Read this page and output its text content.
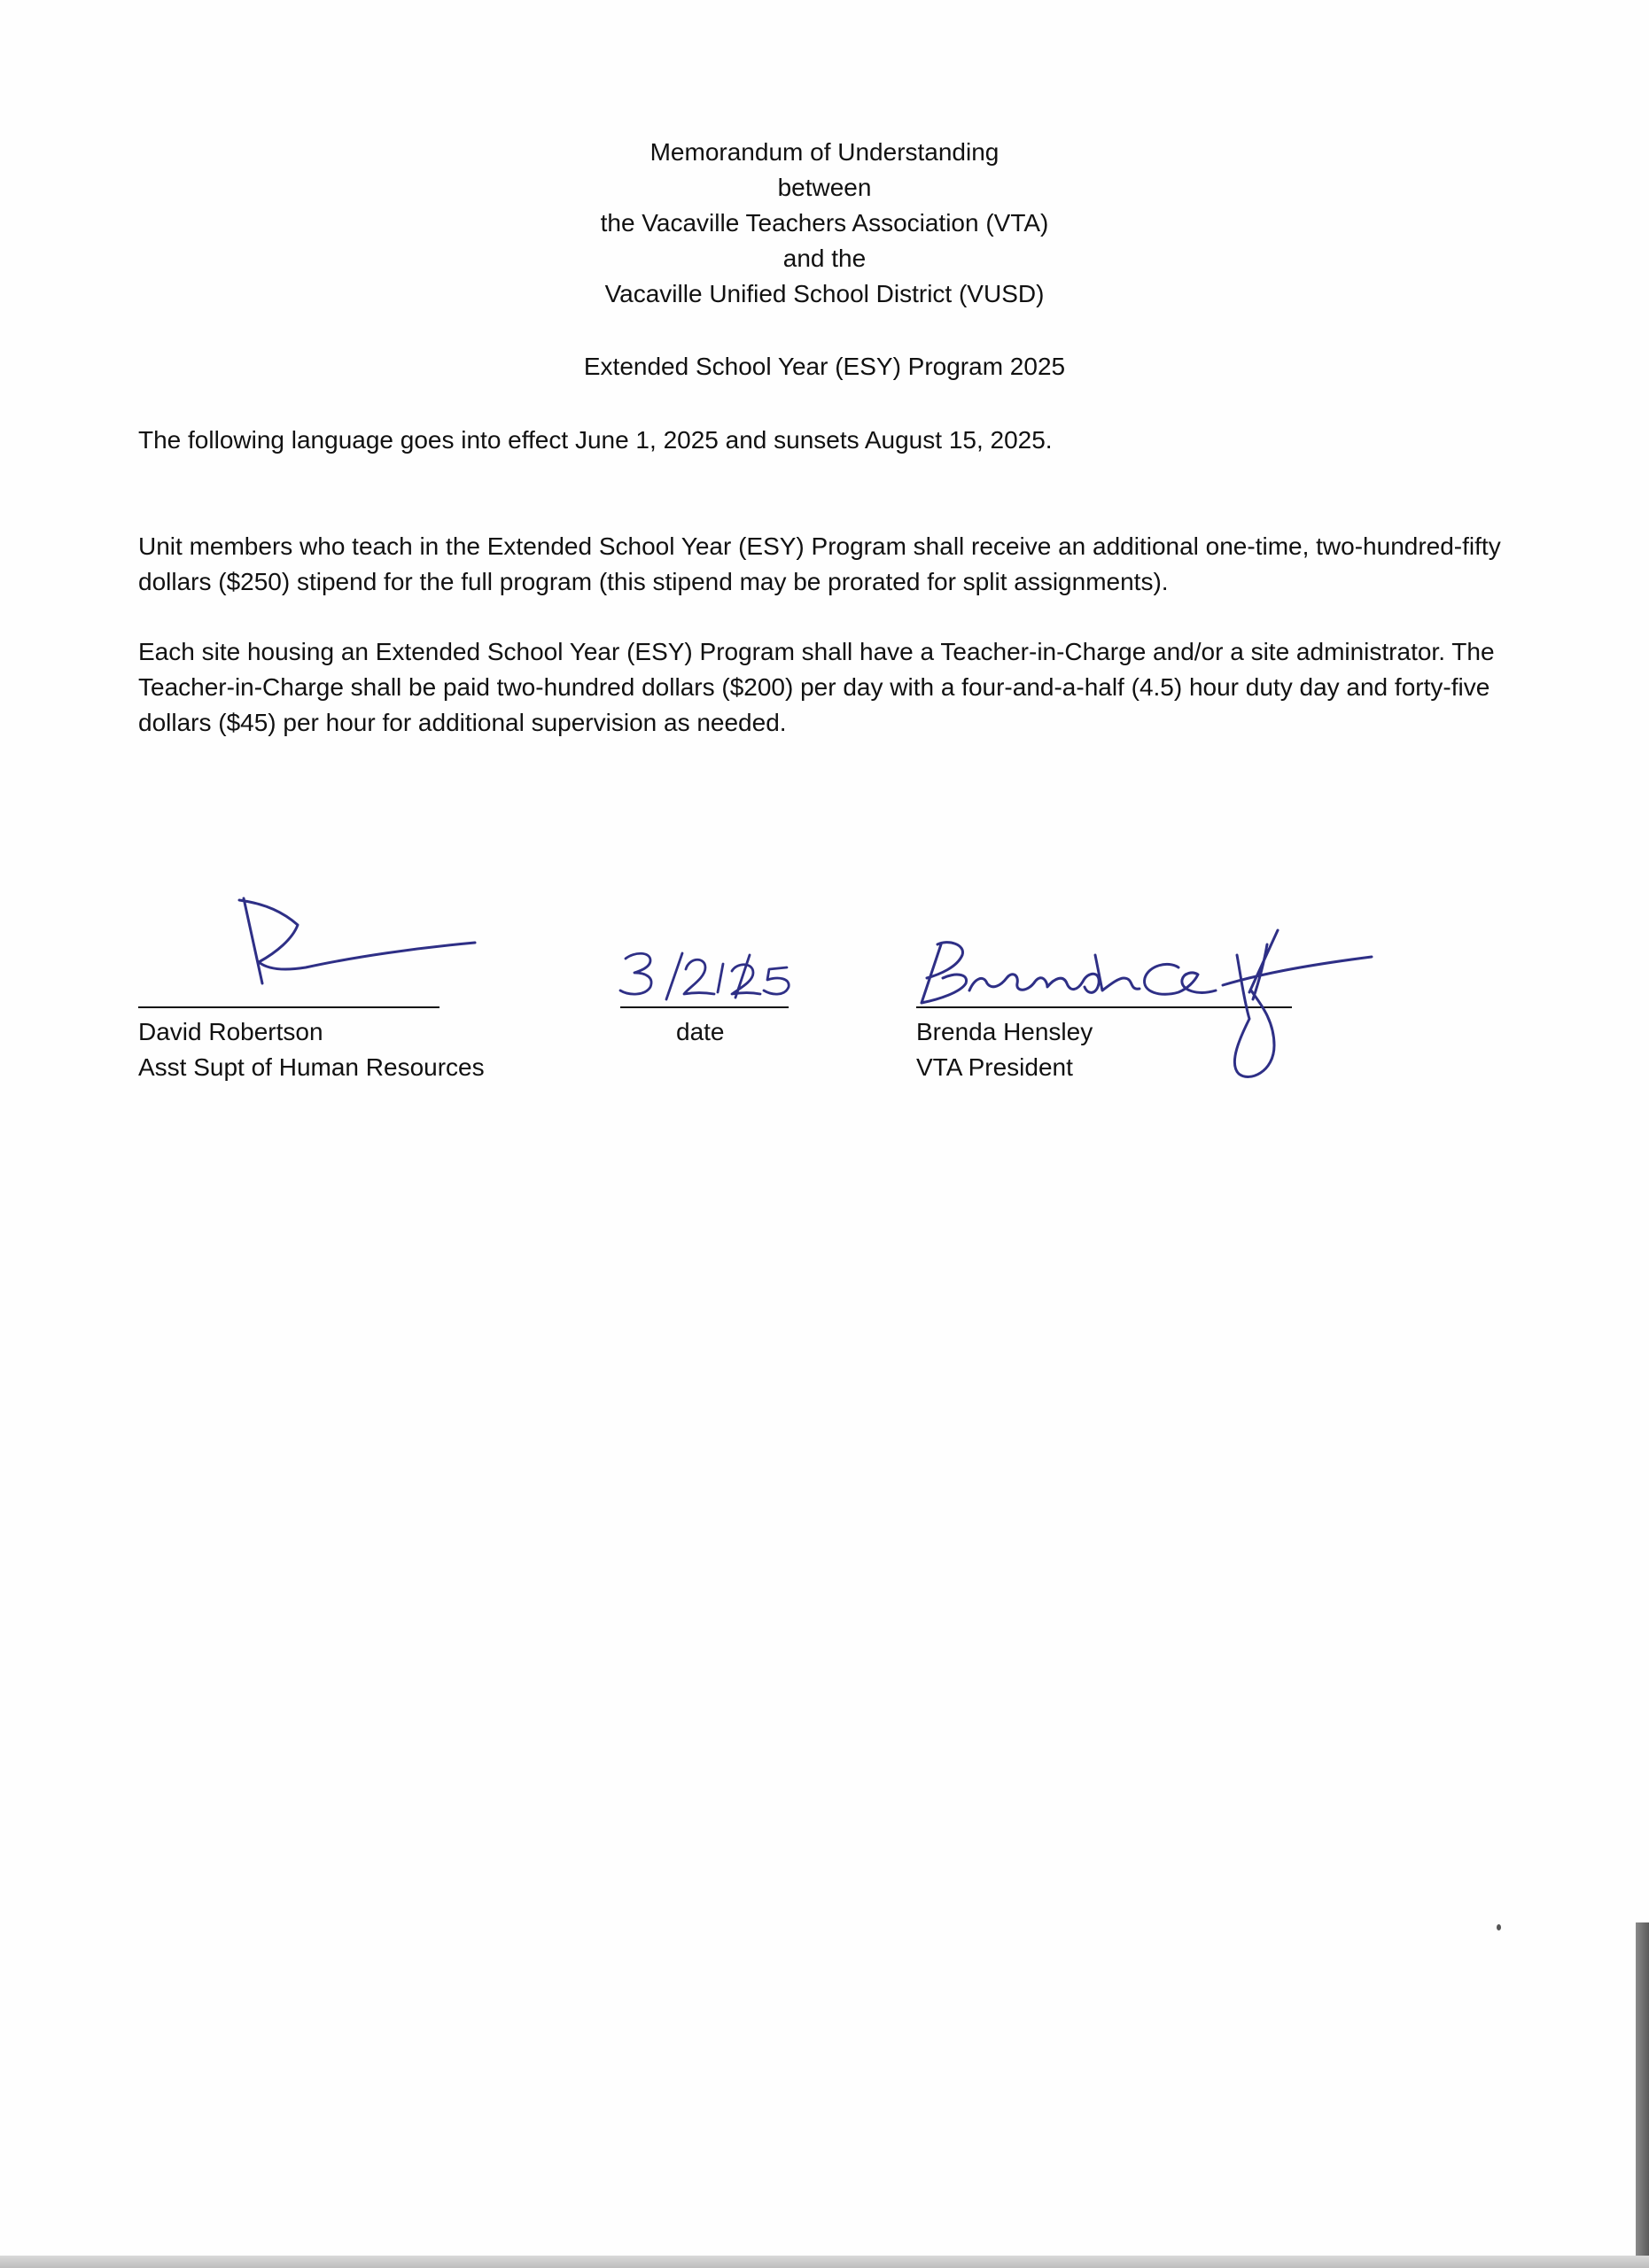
Memorandum of Understanding
between
the Vacaville Teachers Association (VTA)
and the
Vacaville Unified School District (VUSD)
Extended School Year (ESY) Program 2025
The following language goes into effect June 1, 2025 and sunsets August 15, 2025.
Unit members who teach in the Extended School Year (ESY) Program shall receive an additional one-time, two-hundred-fifty dollars ($250) stipend for the full program (this stipend may be prorated for split assignments).
Each site housing an Extended School Year (ESY) Program shall have a Teacher-in-Charge and/or a site administrator. The Teacher-in-Charge shall be paid two-hundred dollars ($200) per day with a four-and-a-half (4.5) hour duty day and forty-five dollars ($45) per hour for additional supervision as needed.
David Robertson
Asst Supt of Human Resources
date	Brenda Hensley
VTA President
